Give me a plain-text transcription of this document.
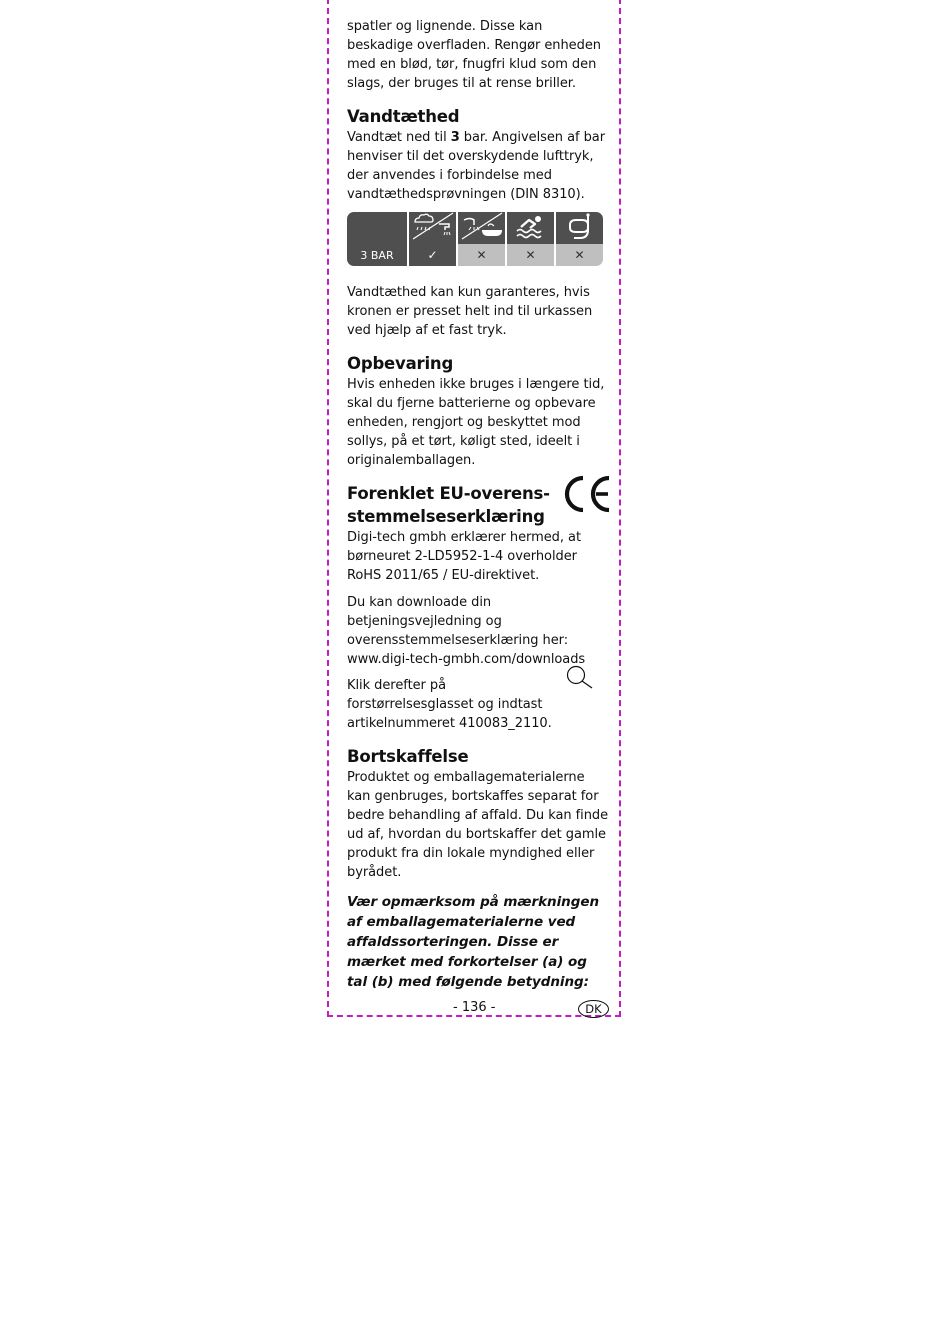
spatler og lignende. Disse kan beskadige overfladen. Rengør enheden med en blød, tør, fnugfri klud som den slags, der bruges til at rense briller.

Vandtæthed

Vandtæt ned til 3 bar. Angivelsen af bar henviser til det overskydende lufttryk, der anvendes i forbindelse med vandtæthedsprøvningen (DIN 8310).

3 BAR	✓	✕	✕	✕

Vandtæthed kan kun garanteres, hvis kronen er presset helt ind til urkassen ved hjælp af et fast tryk.

Opbevaring

Hvis enheden ikke bruges i længere tid, skal du fjerne batterierne og opbevare enheden, rengjort og beskyttet mod sollys, på et tørt, køligt sted, ideelt i originalemballagen.

Forenklet EU-overens-
stemmelseserklæring

Digi-tech gmbh erklærer hermed, at børneuret 2-LD5952-1-4 overholder RoHS 2011/65 / EU-direktivet.

Du kan downloade din betjeningsvejledning og overensstemmelseserklæring her:
www.digi-tech-gmbh.com/downloads

Klik derefter på forstørrelsesglasset og indtast artikelnummeret 410083_2110.

Bortskaffelse

Produktet og emballagematerialerne kan genbruges, bortskaffes separat for bedre behandling af affald. Du kan finde ud af, hvordan du bortskaffer det gamle produkt fra din lokale myndighed eller byrådet.

Vær opmærksom på mærkningen af emballagematerialerne ved affaldssorteringen. Disse er mærket med forkortelser (a) og tal (b) med følgende betydning:

- 136 -	DK
